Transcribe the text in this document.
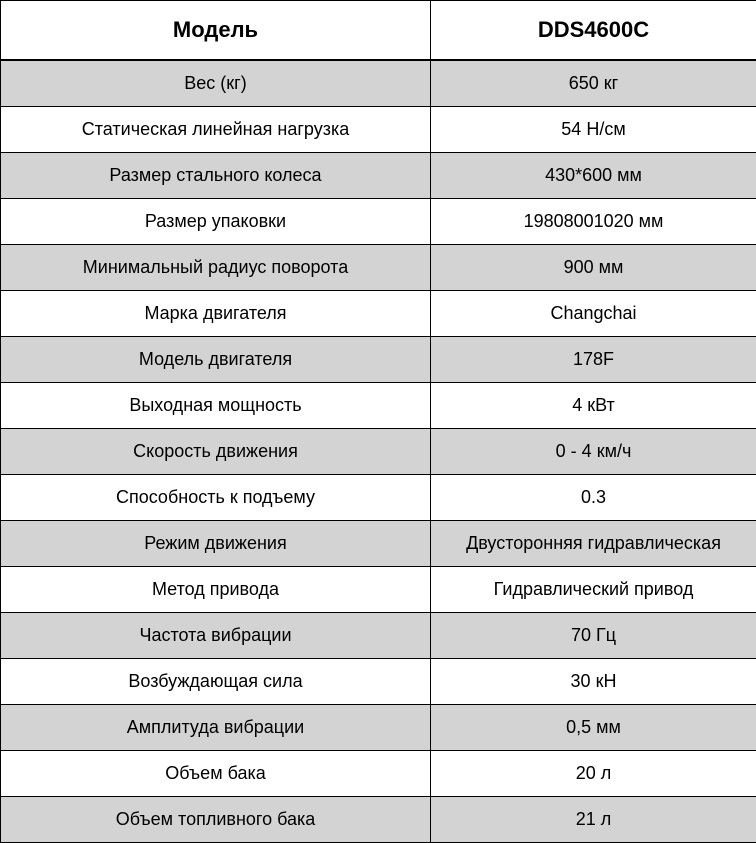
Модель	DDS4600C
Вес (кг)	650 кг
Статическая линейная нагрузка	54 Н/см
Размер стального колеса	430*600 мм
Размер упаковки	19808001020 мм
Минимальный радиус поворота	900 мм
Марка двигателя	Changchai
Модель двигателя	178F
Выходная мощность	4 кВт
Скорость движения	0 - 4 км/ч
Способность к подъему	0.3
Режим движения	Двусторонняя гидравлическая
Метод привода	Гидравлический привод
Частота вибрации	70 Гц
Возбуждающая сила	30 кН
Амплитуда вибрации	0,5 мм
Объем бака	20 л
Объем топливного бака	21 л
